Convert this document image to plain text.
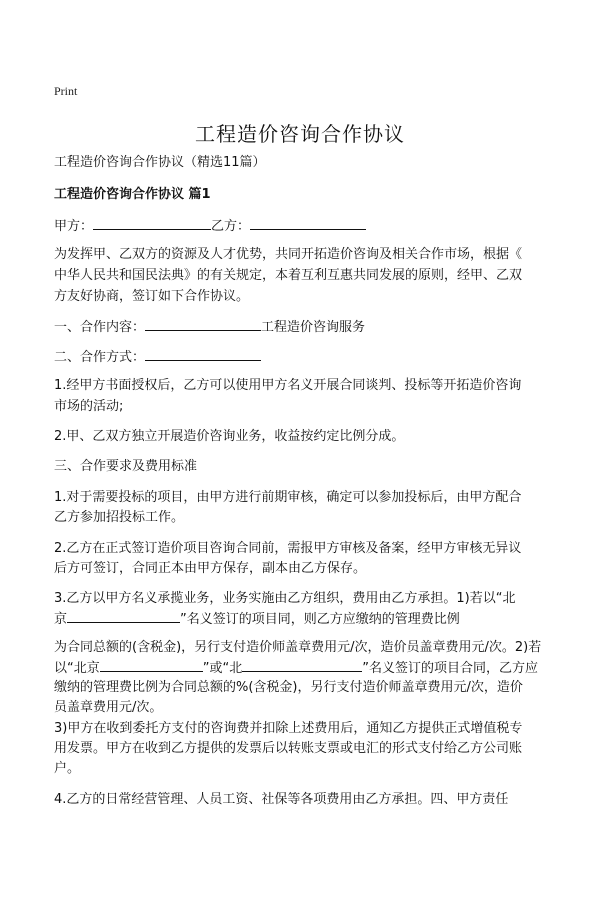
Print
工程造价咨询合作协议
工程造价咨询合作协议（精选11篇）
工程造价咨询合作协议 篇1
甲方：	乙方：
为发挥甲、乙双方的资源及人才优势，共同开拓造价咨询及相关合作市场，根据《
中华人民共和国民法典》的有关规定，本着互利互惠共同发展的原则，经甲、乙双
方友好协商，签订如下合作协议。
一、合作内容：	工程造价咨询服务
二、合作方式：
1.经甲方书面授权后，乙方可以使用甲方名义开展合同谈判、投标等开拓造价咨询
市场的活动;
2.甲、乙双方独立开展造价咨询业务，收益按约定比例分成。
三、合作要求及费用标准
1.对于需要投标的项目，由甲方进行前期审核，确定可以参加投标后，由甲方配合
乙方参加招投标工作。
2.乙方在正式签订造价项目咨询合同前，需报甲方审核及备案，经甲方审核无异议
后方可签订，合同正本由甲方保存，副本由乙方保存。
3.乙方以甲方名义承揽业务，业务实施由乙方组织，费用由乙方承担。1)若以“北
京	”名义签订的项目同，则乙方应缴纳的管理费比例
为合同总额的(含税金)，另行支付造价师盖章费用元/次，造价员盖章费用元/次。2)若
以“北京	”或“北	”名义签订的项目合同，乙方应
缴纳的管理费比例为合同总额的%(含税金)，另行支付造价师盖章费用元/次，造价
员盖章费用元/次。
3)甲方在收到委托方支付的咨询费并扣除上述费用后，通知乙方提供正式增值税专
用发票。甲方在收到乙方提供的发票后以转账支票或电汇的形式支付给乙方公司账
户。
4.乙方的日常经营管理、人员工资、社保等各项费用由乙方承担。四、甲方责任
